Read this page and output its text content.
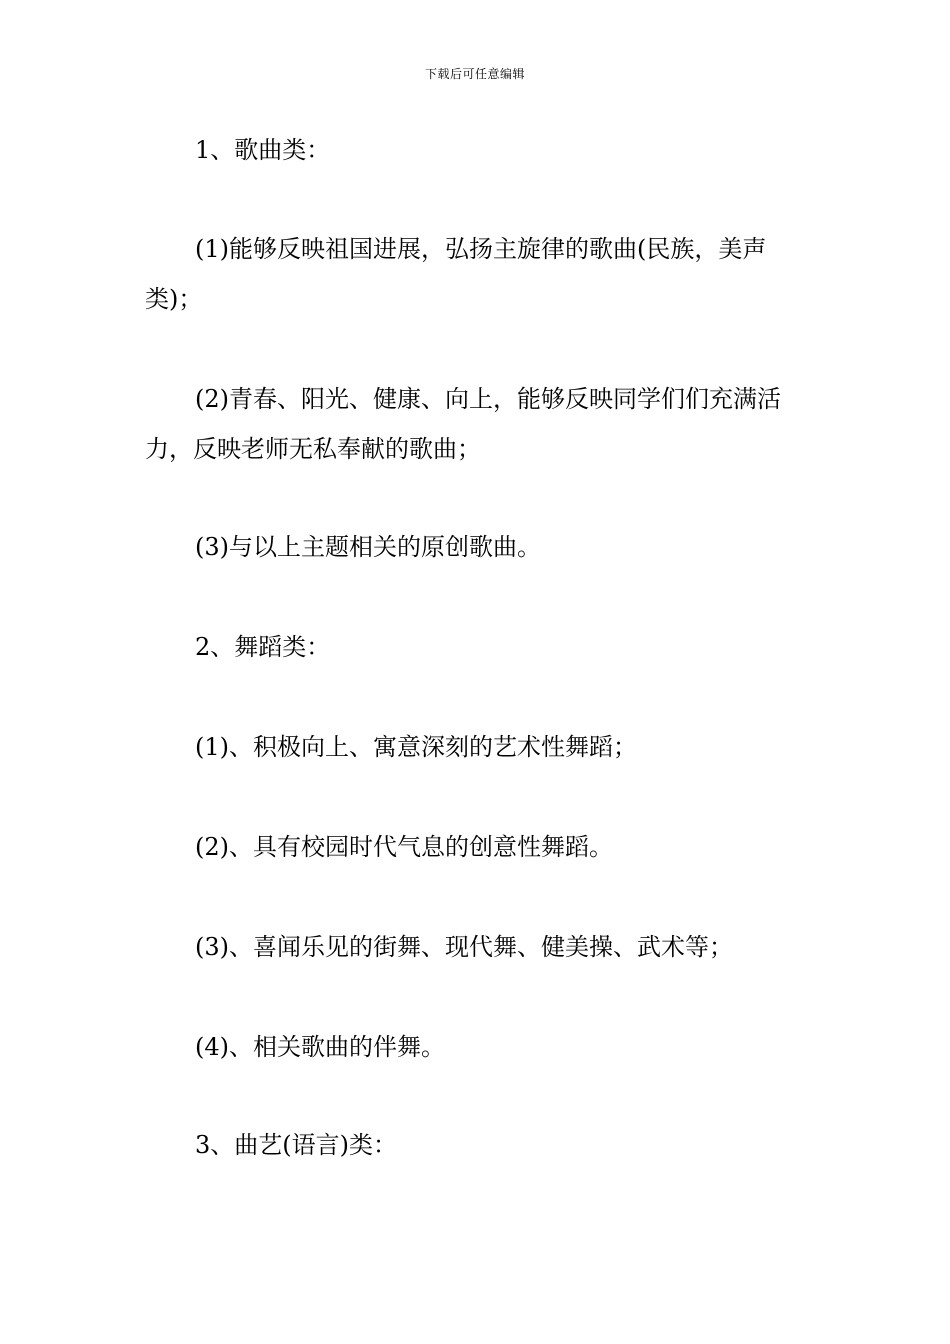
下载后可任意编辑

1、歌曲类：

(1)能够反映祖国进展，弘扬主旋律的歌曲(民族，美声类)；

(2)青春、阳光、健康、向上，能够反映同学们们充满活力，反映老师无私奉献的歌曲；

(3)与以上主题相关的原创歌曲。

2、舞蹈类：

(1)、积极向上、寓意深刻的艺术性舞蹈；

(2)、具有校园时代气息的创意性舞蹈。

(3)、喜闻乐见的街舞、现代舞、健美操、武术等；

(4)、相关歌曲的伴舞。

3、曲艺(语言)类：
